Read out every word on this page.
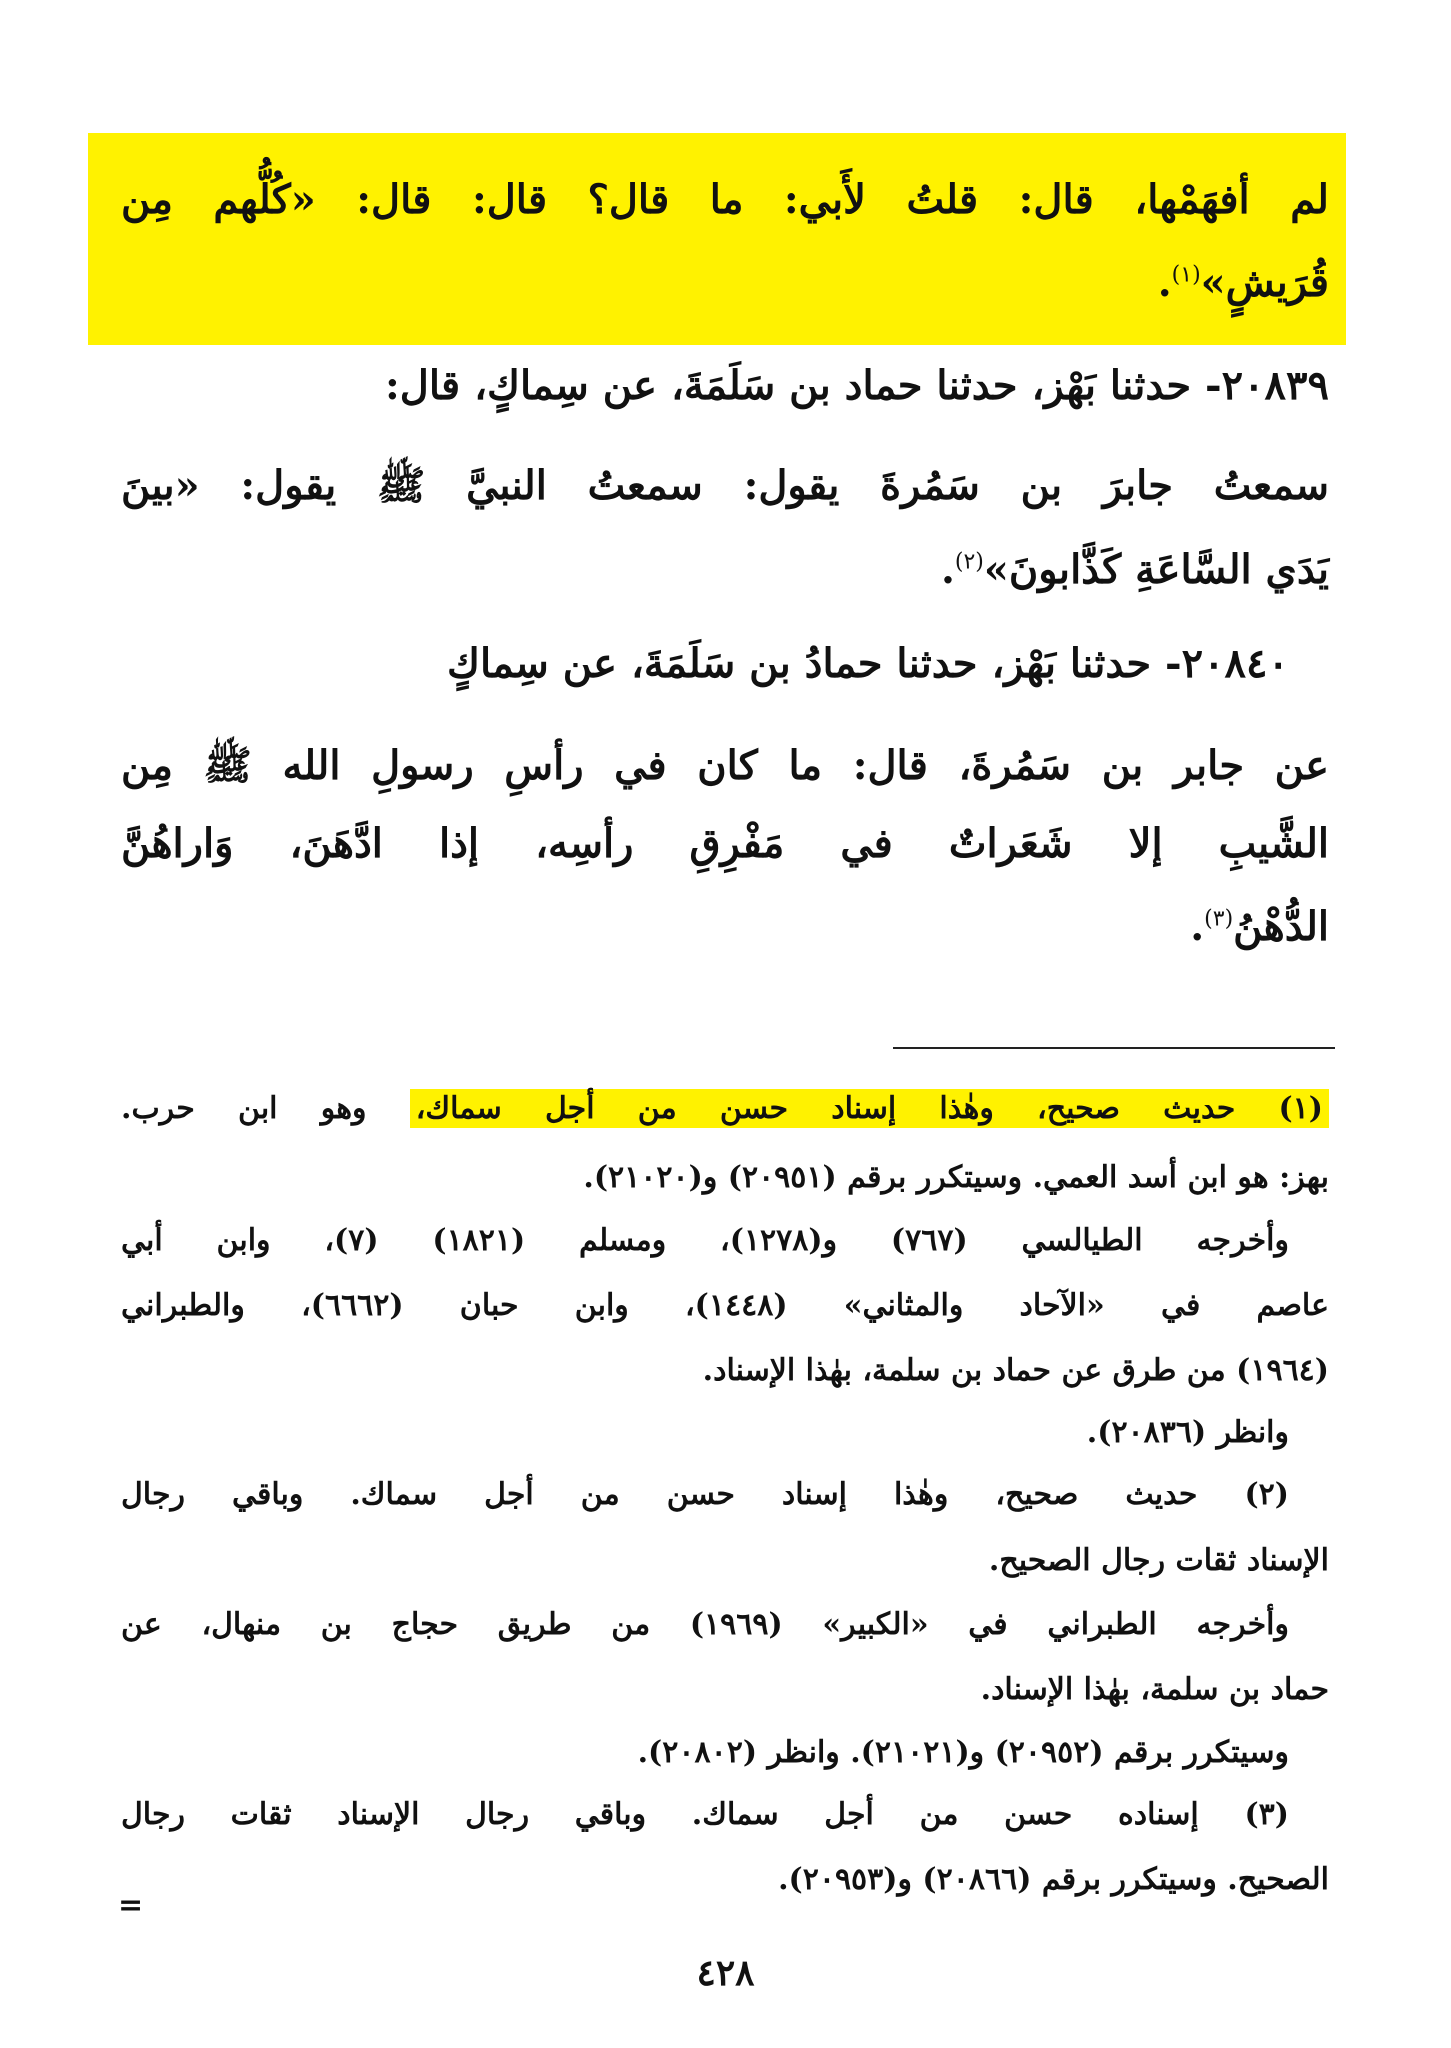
لم أفهَمْها، قال: قلتُ لأَبي: ما قال؟ قال: قال: «كُلُّهم مِن
قُرَيشٍ»$^{(١)}$.
٢٠٨٣٩- حدثنا بَهْز، حدثنا حماد بن سَلَمَةَ، عن سِماكٍ، قال:
سمعتُ جابرَ بن سَمُرةَ يقول: سمعتُ النبيَّ ﷺ يقول: «بينَ
يَدَي السَّاعَةِ كَذَّابونَ»$^{(٢)}$.
٢٠٨٤٠- حدثنا بَهْز، حدثنا حمادُ بن سَلَمَةَ، عن سِماكٍ
عن جابر بن سَمُرةَ، قال: ما كان في رأسِ رسولِ الله ﷺ مِن
الشَّيبِ إلا شَعَراتٌ في مَفْرِقِ رأسِه، إذا ادَّهَنَ، وَاراهُنَّ
الدُّهْنُ$^{(٣)}$.
(١) حديث صحيح، وهٰذا إسناد حسن من أجل سماك، وهو ابن حرب.
بهز: هو ابن أسد العمي. وسيتكرر برقم (٢٠٩٥١) و(٢١٠٢٠).
وأخرجه الطيالسي (٧٦٧) و(١٢٧٨)، ومسلم (١٨٢١) (٧)، وابن أبي
عاصم في «الآحاد والمثاني» (١٤٤٨)، وابن حبان (٦٦٦٢)، والطبراني
(١٩٦٤) من طرق عن حماد بن سلمة، بهٰذا الإسناد.
وانظر (٢٠٨٣٦).
(٢) حديث صحيح، وهٰذا إسناد حسن من أجل سماك. وباقي رجال
الإسناد ثقات رجال الصحيح.
وأخرجه الطبراني في «الكبير» (١٩٦٩) من طريق حجاج بن منهال، عن
حماد بن سلمة، بهٰذا الإسناد.
وسيتكرر برقم (٢٠٩٥٢) و(٢١٠٢١). وانظر (٢٠٨٠٢).
(٣) إسناده حسن من أجل سماك. وباقي رجال الإسناد ثقات رجال
الصحيح. وسيتكرر برقم (٢٠٨٦٦) و(٢٠٩٥٣).
=
٤٢٨
